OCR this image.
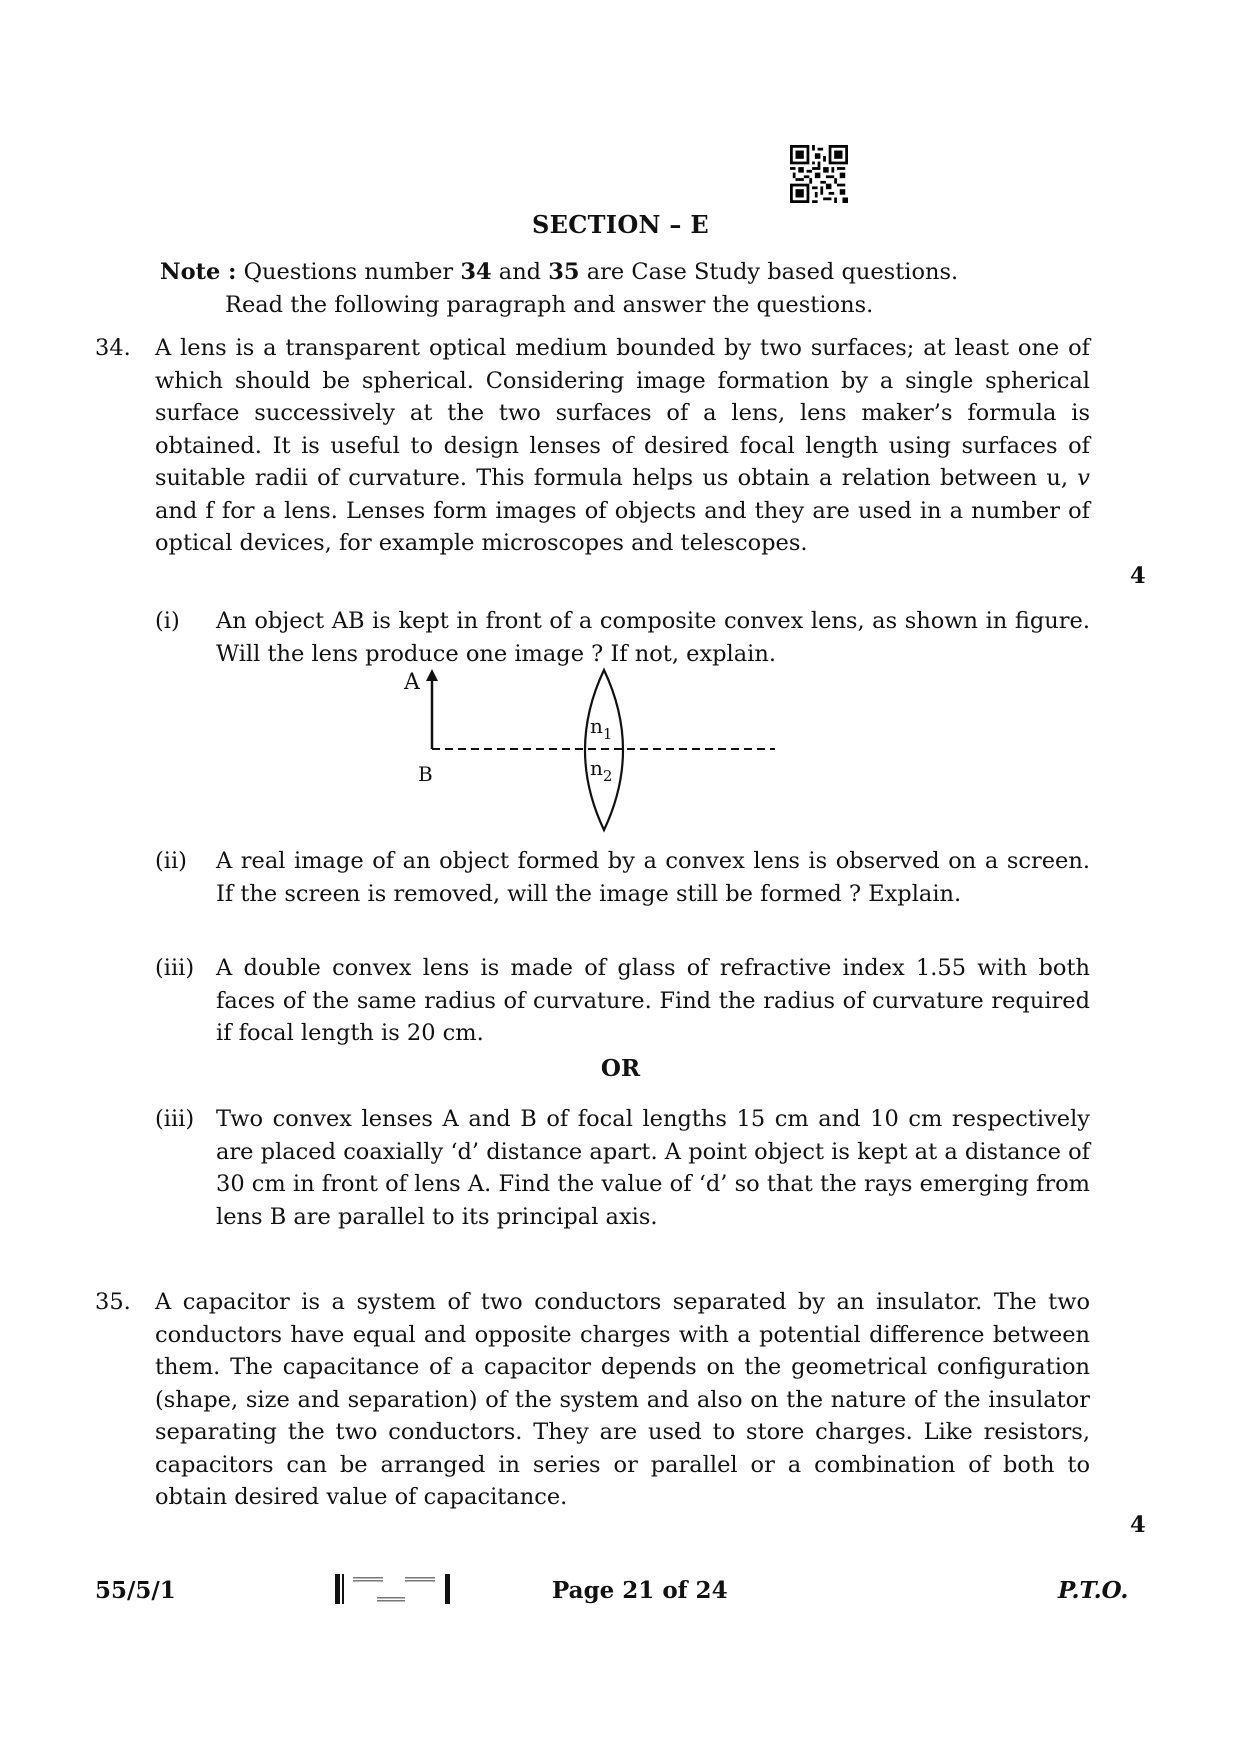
SECTION – E
Note : Questions number 34 and 35 are Case Study based questions.
Read the following paragraph and answer the questions.
34. A lens is a transparent optical medium bounded by two surfaces; at least one of which should be spherical. Considering image formation by a single spherical surface successively at the two surfaces of a lens, lens maker’s formula is obtained. It is useful to design lenses of desired focal length using surfaces of suitable radii of curvature. This formula helps us obtain a relation between u, v and f for a lens. Lenses form images of objects and they are used in a number of optical devices, for example microscopes and telescopes.
4
(i) An object AB is kept in front of a composite convex lens, as shown in figure. Will the lens produce one image ? If not, explain.
A
B
$n_1$
$n_2$
(ii) A real image of an object formed by a convex lens is observed on a screen. If the screen is removed, will the image still be formed ? Explain.
(iii) A double convex lens is made of glass of refractive index 1.55 with both faces of the same radius of curvature. Find the radius of curvature required if focal length is 20 cm.
OR
(iii) Two convex lenses A and B of focal lengths 15 cm and 10 cm respectively are placed coaxially ‘d’ distance apart. A point object is kept at a distance of 30 cm in front of lens A. Find the value of ‘d’ so that the rays emerging from lens B are parallel to its principal axis.
35. A capacitor is a system of two conductors separated by an insulator. The two conductors have equal and opposite charges with a potential difference between them. The capacitance of a capacitor depends on the geometrical configuration (shape, size and separation) of the system and also on the nature of the insulator separating the two conductors. They are used to store charges. Like resistors, capacitors can be arranged in series or parallel or a combination of both to obtain desired value of capacitance.
4
55/5/1	Page 21 of 24	P.T.O.
